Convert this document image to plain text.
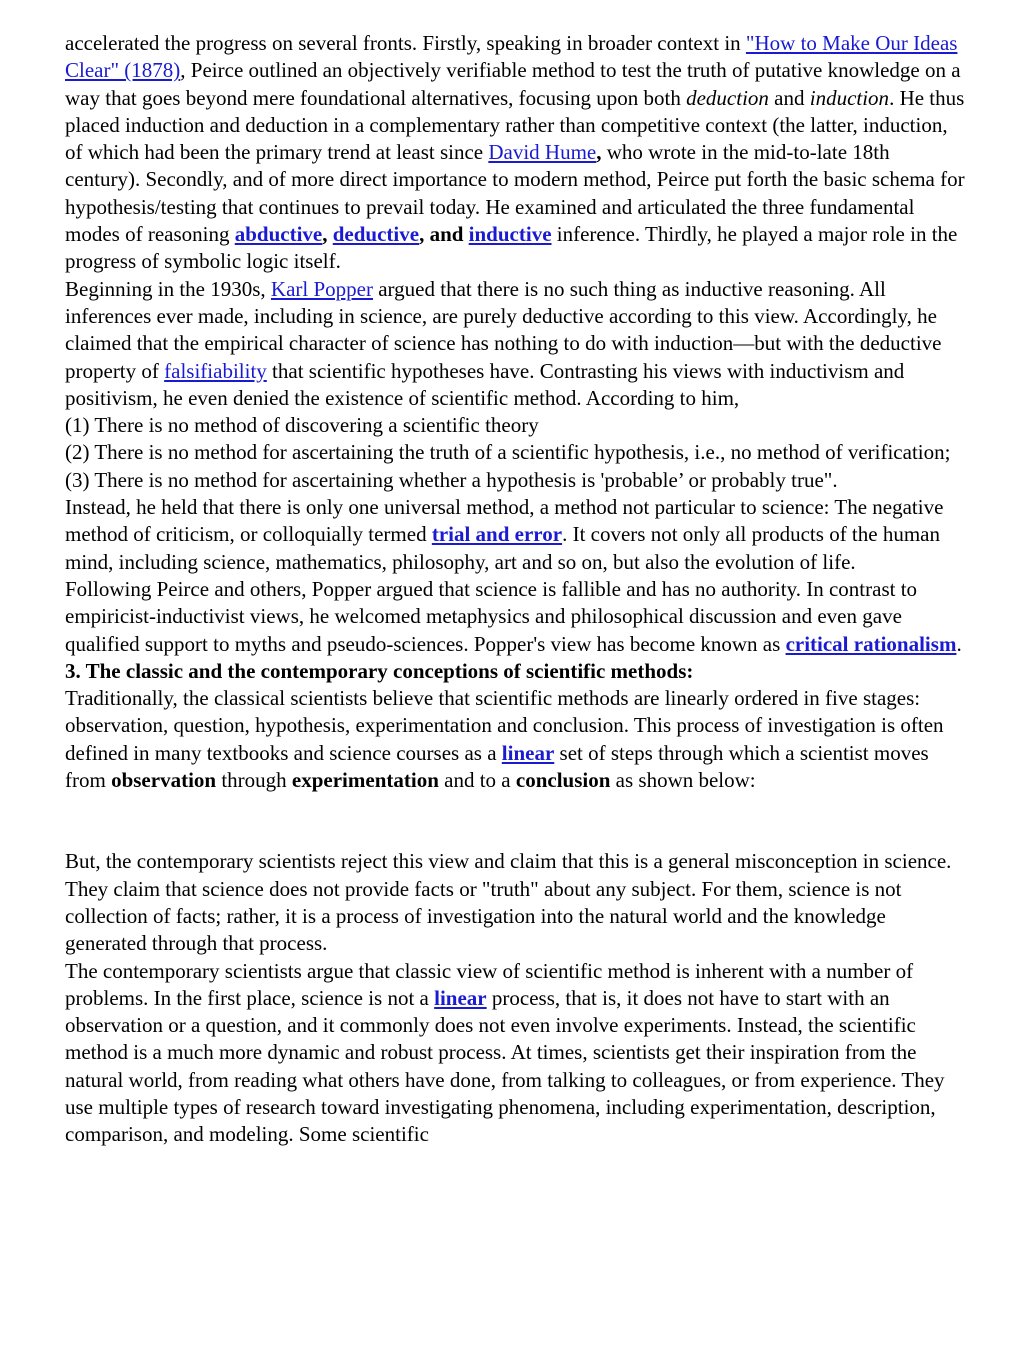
accelerated the progress on several fronts. Firstly, speaking in broader context in "How to Make Our Ideas Clear" (1878), Peirce outlined an objectively verifiable method to test the truth of putative knowledge on a way that goes beyond mere foundational alternatives, focusing upon both deduction and induction. He thus placed induction and deduction in a complementary rather than competitive context (the latter, induction, of which had been the primary trend at least since David Hume, who wrote in the mid-to-late 18th century). Secondly, and of more direct importance to modern method, Peirce put forth the basic schema for hypothesis/testing that continues to prevail today. He examined and articulated the three fundamental modes of reasoning abductive, deductive, and inductive inference. Thirdly, he played a major role in the progress of symbolic logic itself.

Beginning in the 1930s, Karl Popper argued that there is no such thing as inductive reasoning. All inferences ever made, including in science, are purely deductive according to this view. Accordingly, he claimed that the empirical character of science has nothing to do with induction—but with the deductive property of falsifiability that scientific hypotheses have. Contrasting his views with inductivism and positivism, he even denied the existence of scientific method. According to him,

(1) There is no method of discovering a scientific theory

(2) There is no method for ascertaining the truth of a scientific hypothesis, i.e., no method of verification;

(3) There is no method for ascertaining whether a hypothesis is 'probable’ or probably true".

Instead, he held that there is only one universal method, a method not particular to science: The negative method of criticism, or colloquially termed trial and error. It covers not only all products of the human mind, including science, mathematics, philosophy, art and so on, but also the evolution of life.

Following Peirce and others, Popper argued that science is fallible and has no authority. In contrast to empiricist-inductivist views, he welcomed metaphysics and philosophical discussion and even gave qualified support to myths and pseudo-sciences. Popper's view has become known as critical rationalism.

3. The classic and the contemporary conceptions of scientific methods:

Traditionally, the classical scientists believe that scientific methods are linearly ordered in five stages: observation, question, hypothesis, experimentation and conclusion. This process of investigation is often defined in many textbooks and science courses as a linear set of steps through which a scientist moves from observation through experimentation and to a conclusion as shown below:

But, the contemporary scientists reject this view and claim that this is a general misconception in science. They claim that science does not provide facts or "truth" about any subject. For them, science is not collection of facts; rather, it is a process of investigation into the natural world and the knowledge generated through that process.

The contemporary scientists argue that classic view of scientific method is inherent with a number of problems. In the first place, science is not a linear process, that is, it does not have to start with an observation or a question, and it commonly does not even involve experiments. Instead, the scientific method is a much more dynamic and robust process. At times, scientists get their inspiration from the natural world, from reading what others have done, from talking to colleagues, or from experience. They use multiple types of research toward investigating phenomena, including experimentation, description, comparison, and modeling. Some scientific
